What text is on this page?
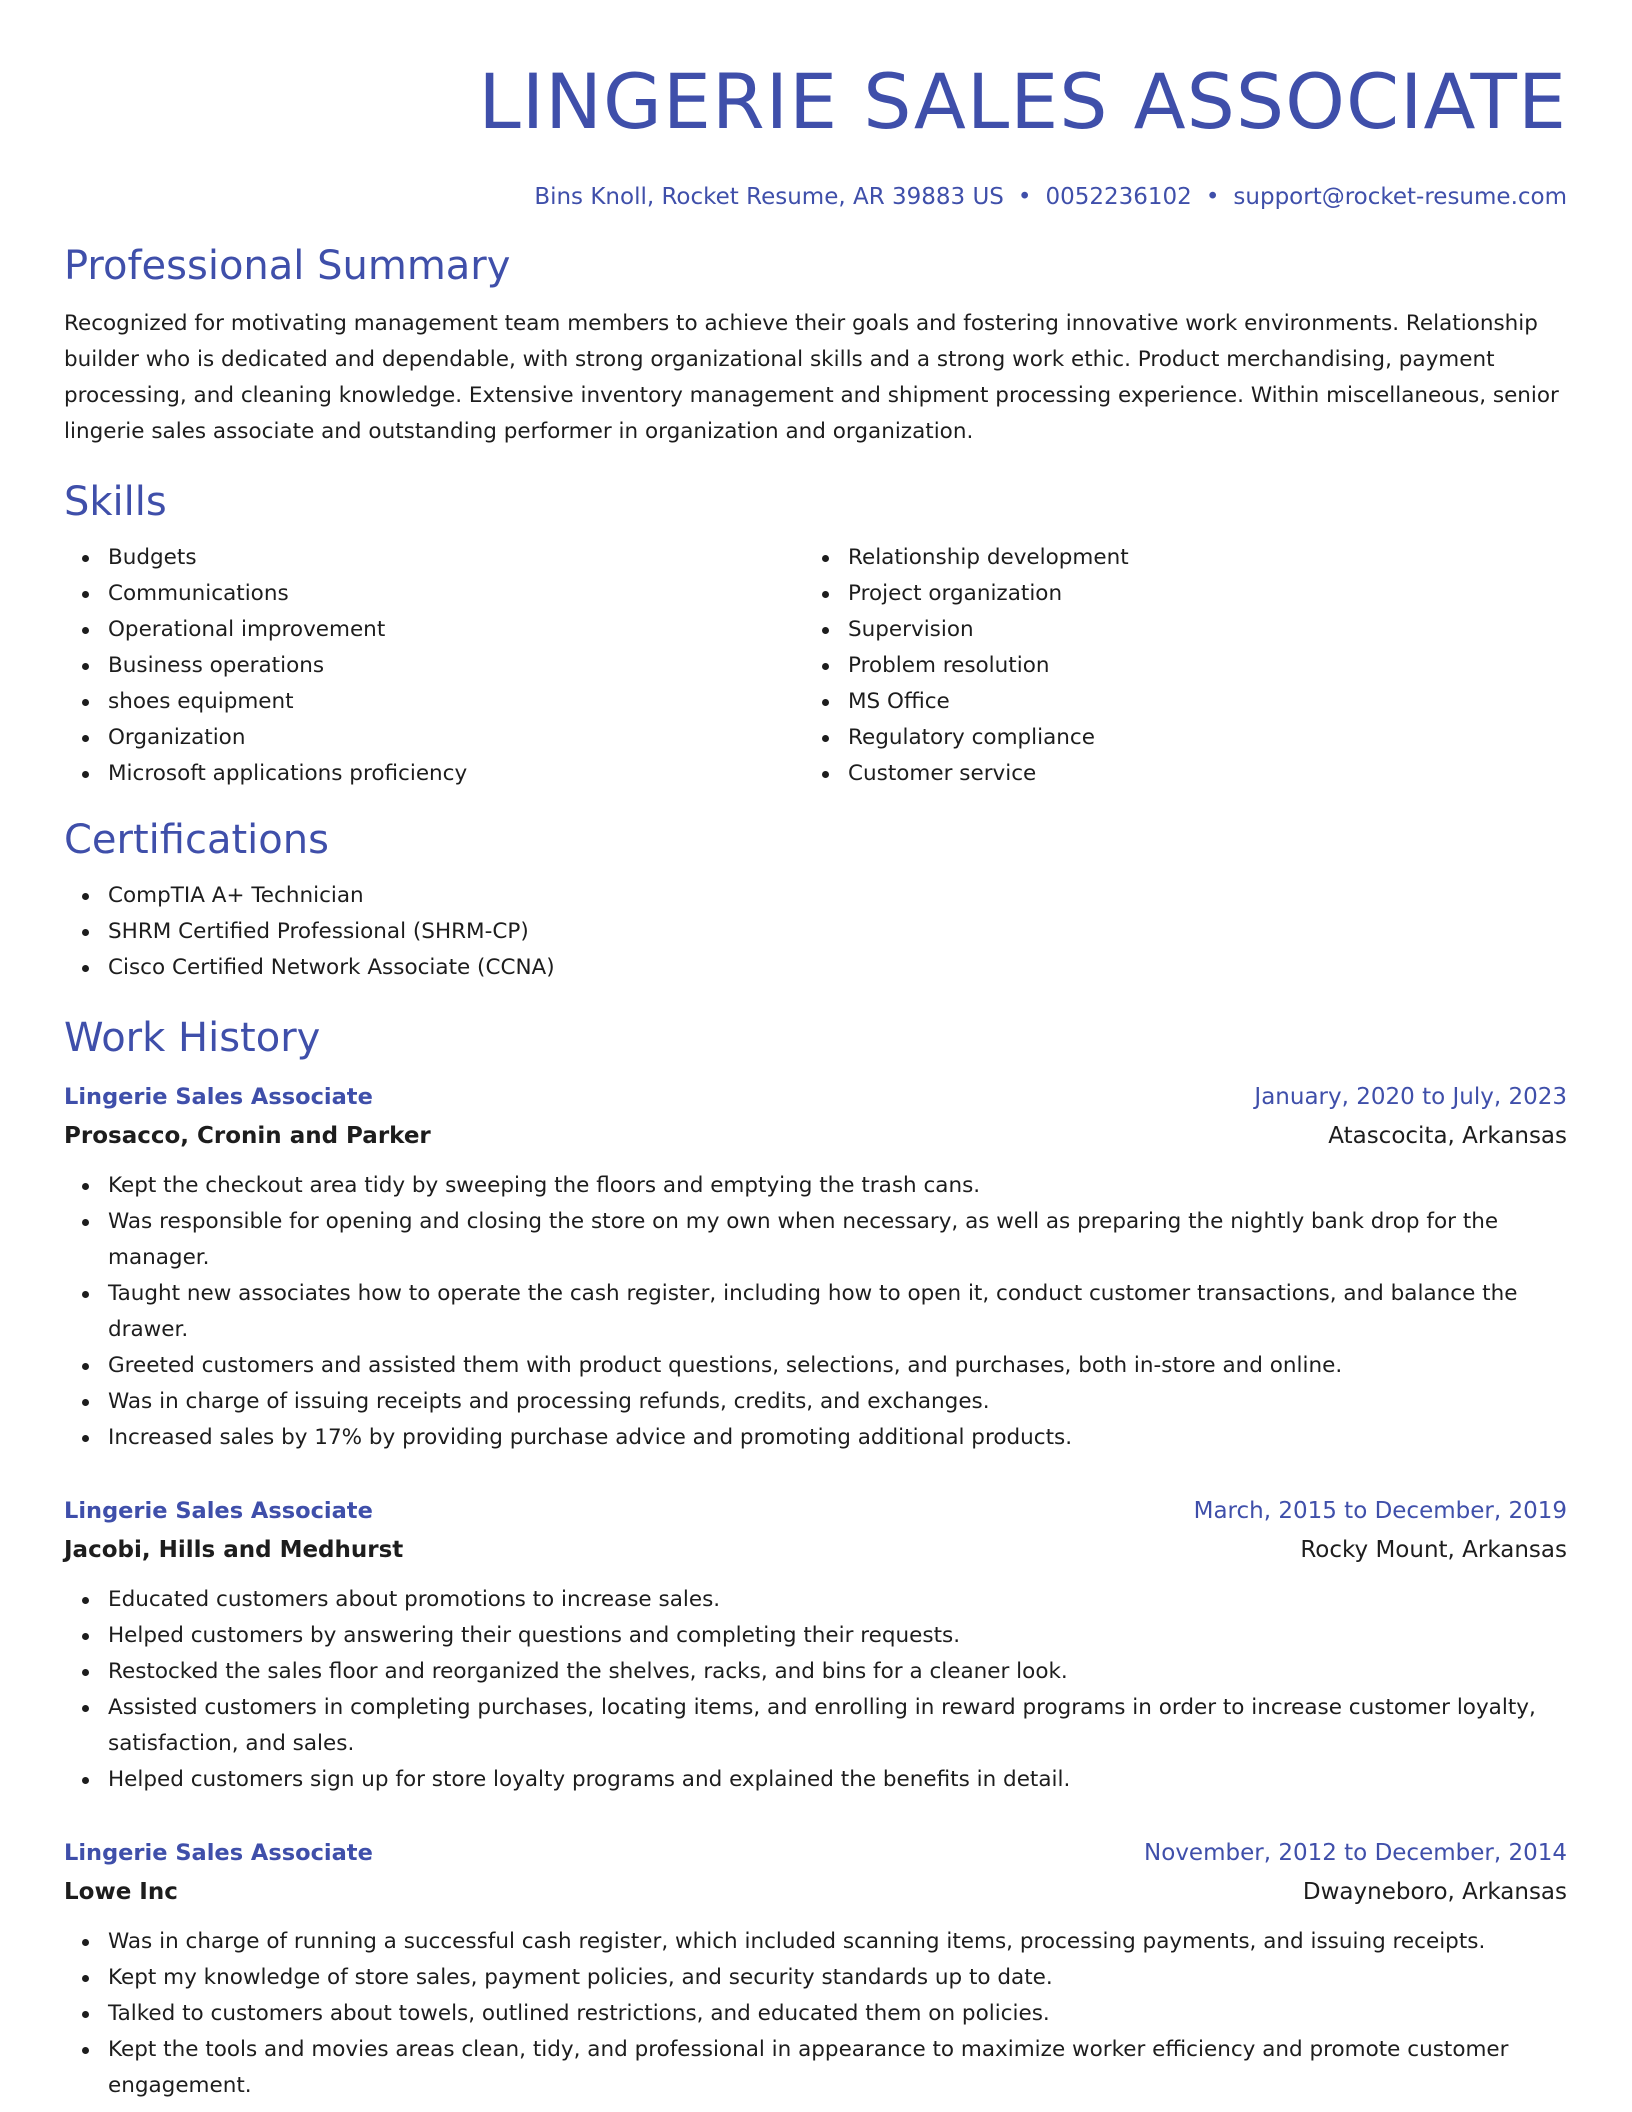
LINGERIE SALES ASSOCIATE
Bins Knoll, Rocket Resume, AR 39883 US • 0052236102 • support@rocket-resume.com
Professional Summary

Recognized for motivating management team members to achieve their goals and fostering innovative work environments. Relationship builder who is dedicated and dependable, with strong organizational skills and a strong work ethic. Product merchandising, payment processing, and cleaning knowledge. Extensive inventory management and shipment processing experience. Within miscellaneous, senior lingerie sales associate and outstanding performer in organization and organization.

Skills
Budgets
Communications
Operational improvement
Business operations
shoes equipment
Organization
Microsoft applications proficiency
Relationship development
Project organization
Supervision
Problem resolution
MS Office
Regulatory compliance
Customer service
Certifications
CompTIA A+ Technician
SHRM Certified Professional (SHRM-CP)
Cisco Certified Network Associate (CCNA)
Work History
Lingerie Sales Associate	January, 2020 to July, 2023
Prosacco, Cronin and Parker	Atascocita, Arkansas
Kept the checkout area tidy by sweeping the floors and emptying the trash cans.
Was responsible for opening and closing the store on my own when necessary, as well as preparing the nightly bank drop for the manager.
Taught new associates how to operate the cash register, including how to open it, conduct customer transactions, and balance the drawer.
Greeted customers and assisted them with product questions, selections, and purchases, both in-store and online.
Was in charge of issuing receipts and processing refunds, credits, and exchanges.
Increased sales by 17% by providing purchase advice and promoting additional products.
Lingerie Sales Associate	March, 2015 to December, 2019
Jacobi, Hills and Medhurst	Rocky Mount, Arkansas
Educated customers about promotions to increase sales.
Helped customers by answering their questions and completing their requests.
Restocked the sales floor and reorganized the shelves, racks, and bins for a cleaner look.
Assisted customers in completing purchases, locating items, and enrolling in reward programs in order to increase customer loyalty, satisfaction, and sales.
Helped customers sign up for store loyalty programs and explained the benefits in detail.
Lingerie Sales Associate	November, 2012 to December, 2014
Lowe Inc	Dwayneboro, Arkansas
Was in charge of running a successful cash register, which included scanning items, processing payments, and issuing receipts.
Kept my knowledge of store sales, payment policies, and security standards up to date.
Talked to customers about towels, outlined restrictions, and educated them on policies.
Kept the tools and movies areas clean, tidy, and professional in appearance to maximize worker efficiency and promote customer engagement.
